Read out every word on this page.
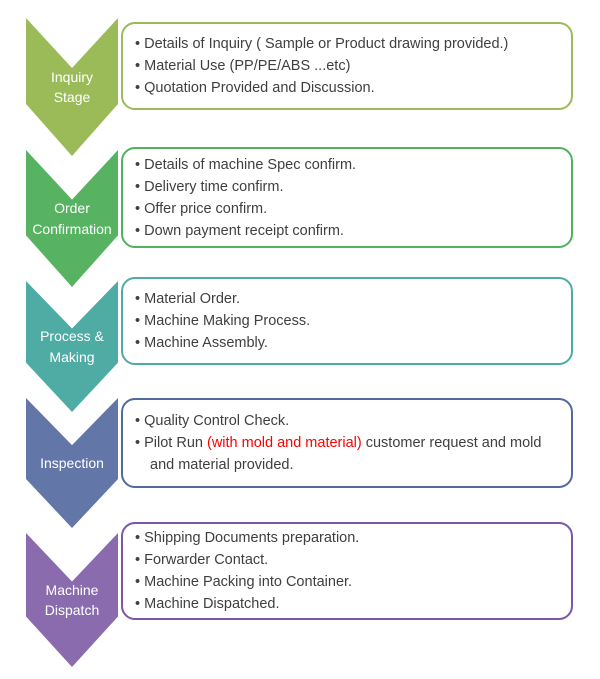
Inquiry
Stage
• Details of Inquiry ( Sample or Product drawing provided.)
• Material Use (PP/PE/ABS ...etc)
• Quotation Provided and Discussion.
Order
Confirmation
• Details of machine Spec confirm.
• Delivery time confirm.
• Offer price confirm.
• Down payment receipt confirm.
Process &
Making
• Material Order.
• Machine Making Process.
• Machine Assembly.
Inspection
• Quality Control Check.
• Pilot Run (with mold and material) customer request and mold and material provided.
Machine
Dispatch
• Shipping Documents preparation.
• Forwarder Contact.
• Machine Packing into Container.
• Machine Dispatched.
